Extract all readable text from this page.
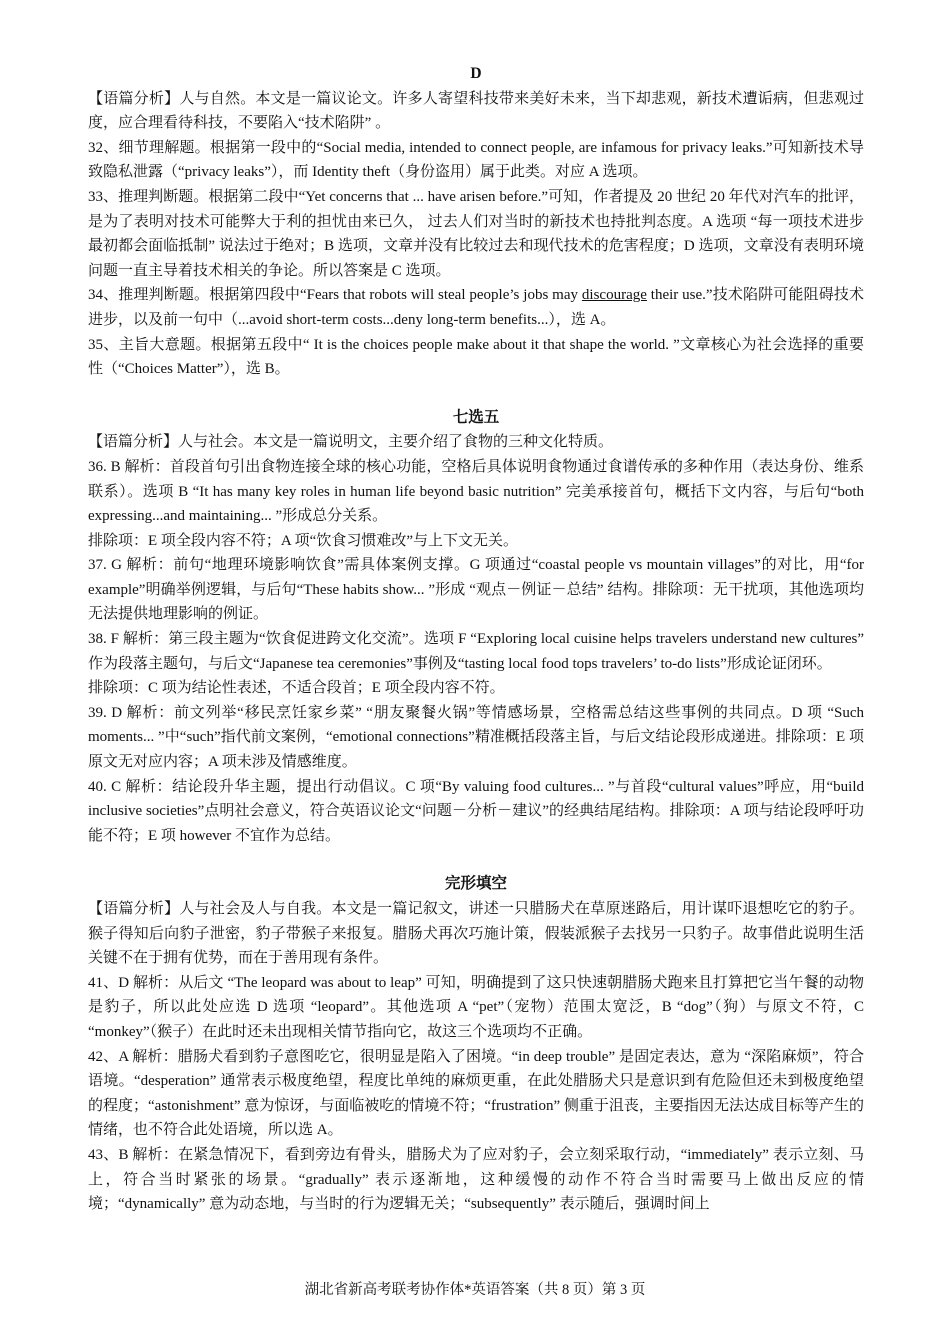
D

【语篇分析】人与自然。本文是一篇议论文。许多人寄望科技带来美好未来，当下却悲观，新技术遭诟病，但悲观过度，应合理看待科技，不要陷入“技术陷阱” 。

32、细节理解题。根据第一段中的“Social media, intended to connect people, are infamous for privacy leaks.”可知新技术导致隐私泄露（“privacy leaks”），而 Identity theft（身份盗用）属于此类。对应 A 选项。

33、推理判断题。根据第二段中“Yet concerns that ... have arisen before.”可知，作者提及 20 世纪 20 年代对汽车的批评，是为了表明对技术可能弊大于利的担忧由来已久， 过去人们对当时的新技术也持批判态度。A 选项 “每一项技术进步最初都会面临抵制” 说法过于绝对；B 选项，文章并没有比较过去和现代技术的危害程度；D 选项，文章没有表明环境问题一直主导着技术相关的争论。所以答案是 C 选项。

34、推理判断题。根据第四段中“Fears that robots will steal people’s jobs may discourage their use.”技术陷阱可能阻碍技术进步，以及前一句中（...avoid short-term costs...deny long-term benefits...），选 A。

35、主旨大意题。根据第五段中“ It is the choices people make about it that shape the world. ”文章核心为社会选择的重要性（“Choices Matter”），选 B。

七选五

【语篇分析】人与社会。本文是一篇说明文，主要介绍了食物的三种文化特质。

36. B 解析：首段首句引出食物连接全球的核心功能，空格后具体说明食物通过食谱传承的多种作用（表达身份、维系联系）。选项 B “It has many key roles in human life beyond basic nutrition” 完美承接首句，概括下文内容，与后句“both expressing...and maintaining... ”形成总分关系。

排除项：E 项全段内容不符；A 项“饮食习惯难改”与上下文无关。

37. G 解析：前句“地理环境影响饮食”需具体案例支撑。G 项通过“coastal people vs mountain villages”的对比，用“for example”明确举例逻辑，与后句“These habits show... ”形成 “观点－例证－总结” 结构。排除项：无干扰项，其他选项均无法提供地理影响的例证。

38. F 解析：第三段主题为“饮食促进跨文化交流”。选项 F “Exploring local cuisine helps travelers understand new cultures” 作为段落主题句，与后文“Japanese tea ceremonies”事例及“tasting local food tops travelers’ to-do lists”形成论证闭环。

排除项：C 项为结论性表述，不适合段首；E 项全段内容不符。

39. D 解析：前文列举“移民烹饪家乡菜” “朋友聚餐火锅”等情感场景，空格需总结这些事例的共同点。D 项 “Such moments... ”中“such”指代前文案例，“emotional connections”精准概括段落主旨，与后文结论段形成递进。排除项：E 项原文无对应内容；A 项未涉及情感维度。

40. C 解析：结论段升华主题，提出行动倡议。C 项“By valuing food cultures... ”与首段“cultural values”呼应，用“build inclusive societies”点明社会意义，符合英语议论文“问题－分析－建议”的经典结尾结构。排除项：A 项与结论段呼吁功能不符；E 项 however 不宜作为总结。

完形填空

【语篇分析】人与社会及人与自我。本文是一篇记叙文，讲述一只腊肠犬在草原迷路后，用计谋吓退想吃它的豹子。猴子得知后向豹子泄密，豹子带猴子来报复。腊肠犬再次巧施计策，假装派猴子去找另一只豹子。故事借此说明生活关键不在于拥有优势，而在于善用现有条件。

41、D 解析：从后文 “The leopard was about to leap” 可知，明确提到了这只快速朝腊肠犬跑来且打算把它当午餐的动物是豹子，所以此处应选 D 选项 “leopard”。其他选项 A “pet”（宠物）范围太宽泛，B “dog”（狗）与原文不符，C “monkey”（猴子）在此时还未出现相关情节指向它，故这三个选项均不正确。

42、A 解析：腊肠犬看到豹子意图吃它，很明显是陷入了困境。“in deep trouble” 是固定表达，意为 “深陷麻烦”，符合语境。“desperation” 通常表示极度绝望，程度比单纯的麻烦更重，在此处腊肠犬只是意识到有危险但还未到极度绝望的程度；“astonishment” 意为惊讶，与面临被吃的情境不符；“frustration” 侧重于沮丧，主要指因无法达成目标等产生的情绪，也不符合此处语境，所以选 A。

43、B 解析：在紧急情况下，看到旁边有骨头，腊肠犬为了应对豹子，会立刻采取行动，“immediately” 表示立刻、马上，符合当时紧张的场景。“gradually” 表示逐渐地，这种缓慢的动作不符合当时需要马上做出反应的情境；“dynamically” 意为动态地，与当时的行为逻辑无关；“subsequently” 表示随后，强调时间上

湖北省新高考联考协作体*英语答案（共 8 页）第 3 页
